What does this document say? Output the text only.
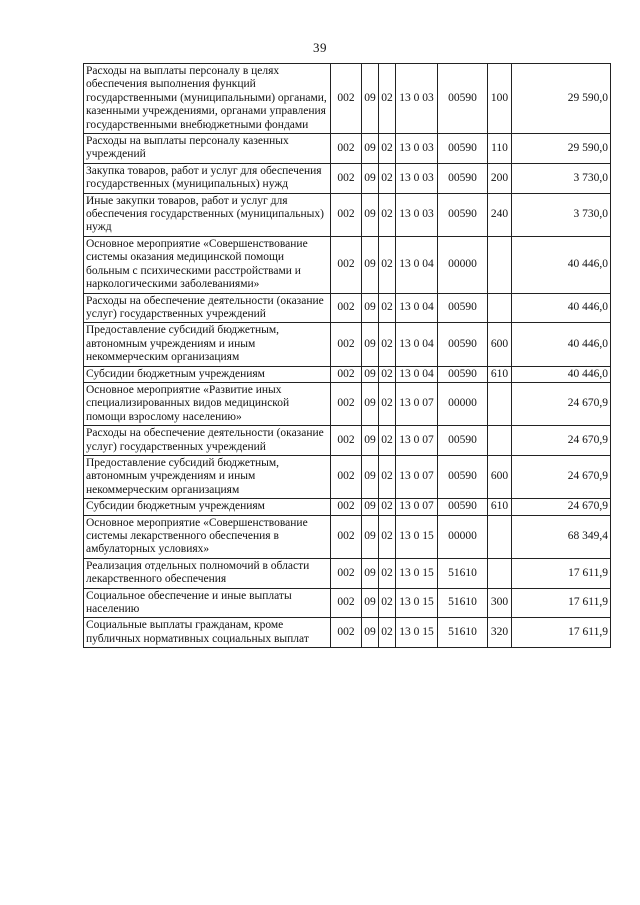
39
Расходы на выплаты персоналу в целях обеспечения выполнения функций государственными (муниципальными) органами, казенными учреждениями, органами управления государственными внебюджетными фондами	002	09	02	13 0 03	00590	100	29 590,0
Расходы на выплаты персоналу казенных учреждений	002	09	02	13 0 03	00590	110	29 590,0
Закупка товаров, работ и услуг для обеспечения государственных (муниципальных) нужд	002	09	02	13 0 03	00590	200	3 730,0
Иные закупки товаров, работ и услуг для обеспечения государственных (муниципальных) нужд	002	09	02	13 0 03	00590	240	3 730,0
Основное мероприятие «Совершенствование системы оказания медицинской помощи больным с психическими расстройствами и наркологическими заболеваниями»	002	09	02	13 0 04	00000		40 446,0
Расходы на обеспечение деятельности (оказание услуг) государственных учреждений	002	09	02	13 0 04	00590		40 446,0
Предоставление субсидий бюджетным, автономным учреждениям и иным некоммерческим организациям	002	09	02	13 0 04	00590	600	40 446,0
Субсидии бюджетным учреждениям	002	09	02	13 0 04	00590	610	40 446,0
Основное мероприятие «Развитие иных специализированных видов медицинской помощи взрослому населению»	002	09	02	13 0 07	00000		24 670,9
Расходы на обеспечение деятельности (оказание услуг) государственных учреждений	002	09	02	13 0 07	00590		24 670,9
Предоставление субсидий бюджетным, автономным учреждениям и иным некоммерческим организациям	002	09	02	13 0 07	00590	600	24 670,9
Субсидии бюджетным учреждениям	002	09	02	13 0 07	00590	610	24 670,9
Основное мероприятие «Совершенствование системы лекарственного обеспечения в амбулаторных условиях»	002	09	02	13 0 15	00000		68 349,4
Реализация отдельных полномочий в области лекарственного обеспечения	002	09	02	13 0 15	51610		17 611,9
Социальное обеспечение и иные выплаты населению	002	09	02	13 0 15	51610	300	17 611,9
Социальные выплаты гражданам, кроме публичных нормативных социальных выплат	002	09	02	13 0 15	51610	320	17 611,9
